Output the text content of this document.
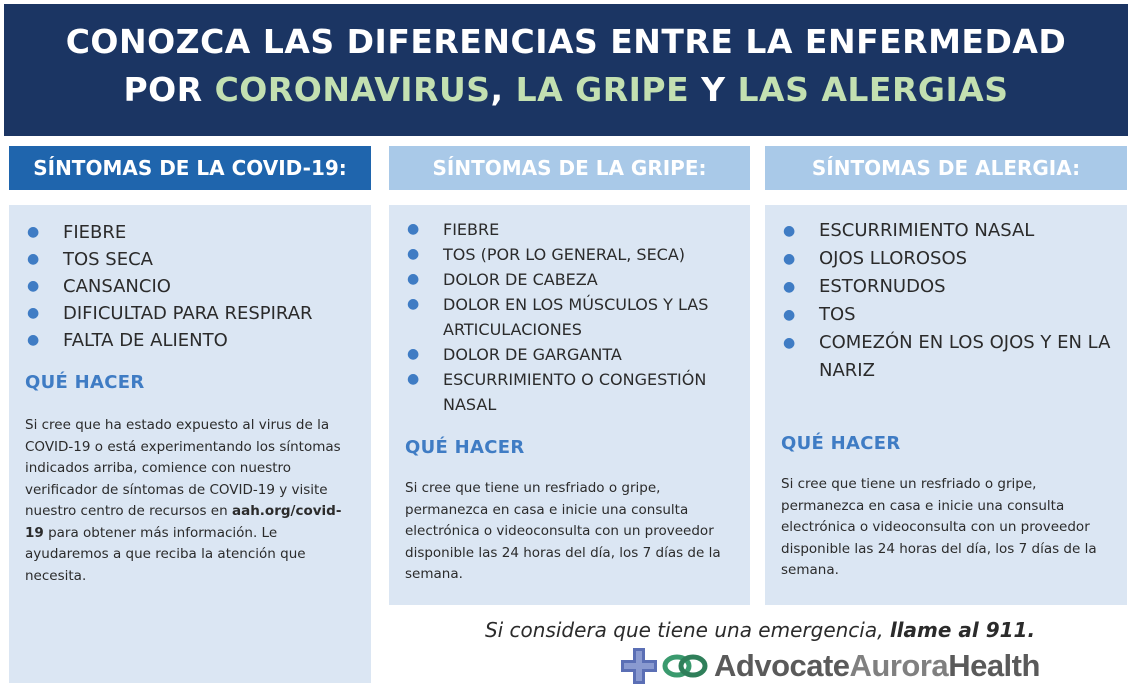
CONOZCA LAS DIFERENCIAS ENTRE LA ENFERMEDAD
POR CORONAVIRUS, LA GRIPE Y LAS ALERGIAS
SÍNTOMAS DE LA COVID-19:	SÍNTOMAS DE LA GRIPE:	SÍNTOMAS DE ALERGIA:
● FIEBRE
● TOS SECA
● CANSANCIO
● DIFICULTAD PARA RESPIRAR
● FALTA DE ALIENTO
QUÉ HACER
Si cree que ha estado expuesto al virus de la COVID-19 o está experimentando los síntomas indicados arriba, comience con nuestro verificador de síntomas de COVID-19 y visite nuestro centro de recursos en aah.org/covid-19 para obtener más información. Le ayudaremos a que reciba la atención que necesita.
● FIEBRE
● TOS (POR LO GENERAL, SECA)
● DOLOR DE CABEZA
● DOLOR EN LOS MÚSCULOS Y LAS ARTICULACIONES
● DOLOR DE GARGANTA
● ESCURRIMIENTO O CONGESTIÓN NASAL
QUÉ HACER
Si cree que tiene un resfriado o gripe, permanezca en casa e inicie una consulta electrónica o videoconsulta con un proveedor disponible las 24 horas del día, los 7 días de la semana.
● ESCURRIMIENTO NASAL
● OJOS LLOROSOS
● ESTORNUDOS
● TOS
● COMEZÓN EN LOS OJOS Y EN LA NARIZ
QUÉ HACER
Si cree que tiene un resfriado o gripe, permanezca en casa e inicie una consulta electrónica o videoconsulta con un proveedor disponible las 24 horas del día, los 7 días de la semana.
Si considera que tiene una emergencia, llame al 911.
AdvocateAuroraHealth
